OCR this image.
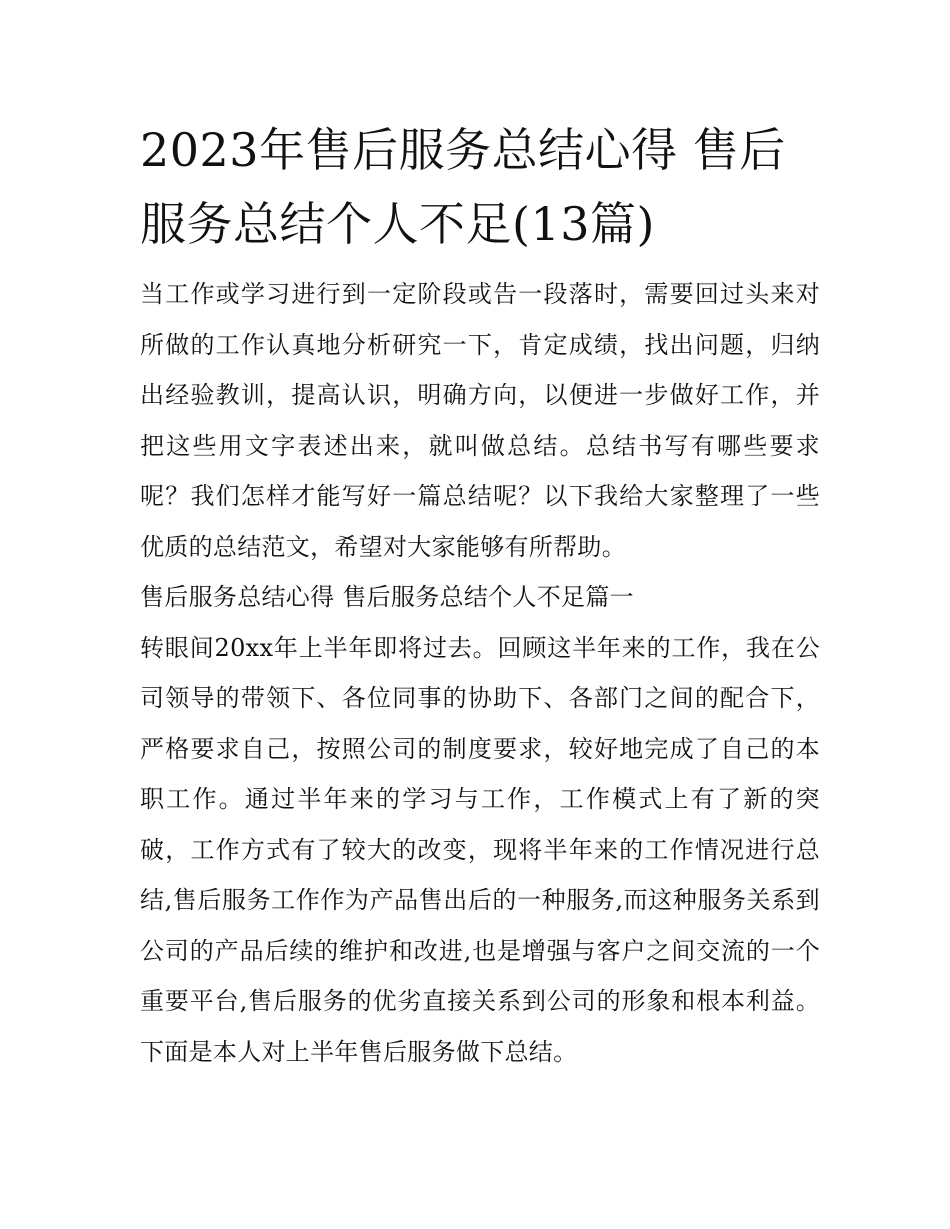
2023年售后服务总结心得 售后服务总结个人不足(13篇)

当工作或学习进行到一定阶段或告一段落时，需要回过头来对所做的工作认真地分析研究一下，肯定成绩，找出问题，归纳出经验教训，提高认识，明确方向，以便进一步做好工作，并把这些用文字表述出来，就叫做总结。总结书写有哪些要求呢？我们怎样才能写好一篇总结呢？以下我给大家整理了一些优质的总结范文，希望对大家能够有所帮助。

售后服务总结心得 售后服务总结个人不足篇一

转眼间20xx年上半年即将过去。回顾这半年来的工作，我在公司领导的带领下、各位同事的协助下、各部门之间的配合下，严格要求自己，按照公司的制度要求，较好地完成了自己的本职工作。通过半年来的学习与工作，工作模式上有了新的突破，工作方式有了较大的改变，现将半年来的工作情况进行总结,售后服务工作作为产品售出后的一种服务,而这种服务关系到公司的产品后续的维护和改进,也是增强与客户之间交流的一个重要平台,售后服务的优劣直接关系到公司的形象和根本利益。下面是本人对上半年售后服务做下总结。
